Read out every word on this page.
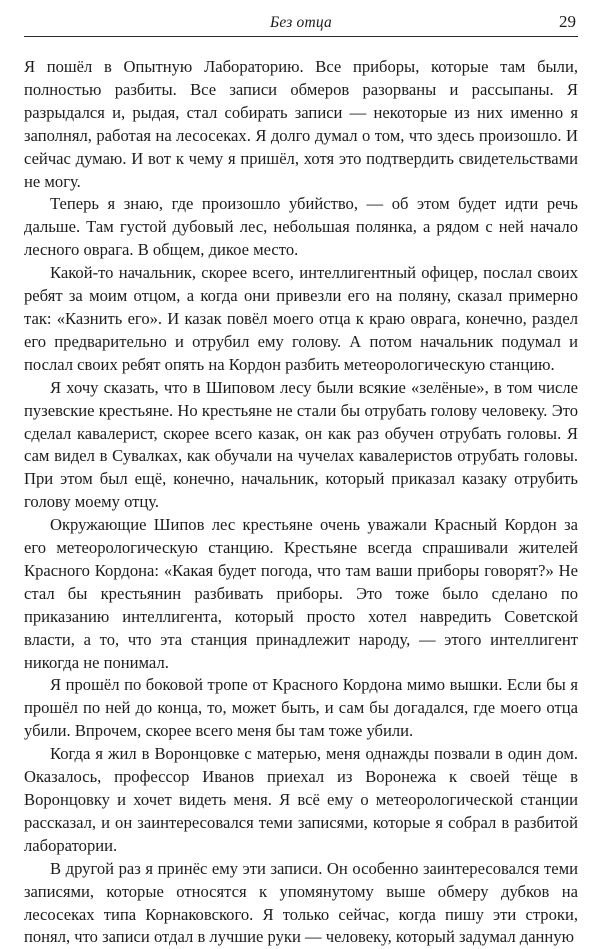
Без отца	29

Я пошёл в Опытную Лабораторию. Все приборы, которые там были, полностью разбиты. Все записи обмеров разорваны и рассыпаны. Я разрыдался и, рыдая, стал собирать записи — некоторые из них именно я заполнял, работая на лесосеках. Я долго думал о том, что здесь произошло. И сейчас думаю. И вот к чему я пришёл, хотя это подтвердить свидетельствами не могу.

Теперь я знаю, где произошло убийство, — об этом будет идти речь дальше. Там густой дубовый лес, небольшая полянка, а рядом с ней начало лесного оврага. В общем, дикое место.

Какой-то начальник, скорее всего, интеллигентный офицер, послал своих ребят за моим отцом, а когда они привезли его на поляну, сказал примерно так: «Казнить его». И казак повёл моего отца к краю оврага, конечно, раздел его предварительно и отрубил ему голову. А потом начальник подумал и послал своих ребят опять на Кордон разбить метеорологическую станцию.

Я хочу сказать, что в Шиповом лесу были всякие «зелёные», в том числе пузевские крестьяне. Но крестьяне не стали бы отрубать голову человеку. Это сделал кавалерист, скорее всего казак, он как раз обучен отрубать головы. Я сам видел в Сувалках, как обучали на чучелах кавалеристов отрубать головы. При этом был ещё, конечно, начальник, который приказал казаку отрубить голову моему отцу.

Окружающие Шипов лес крестьяне очень уважали Красный Кордон за его метеорологическую станцию. Крестьяне всегда спрашивали жителей Красного Кордона: «Какая будет погода, что там ваши приборы говорят?» Не стал бы крестьянин разбивать приборы. Это тоже было сделано по приказанию интеллигента, который просто хотел навредить Советской власти, а то, что эта станция принадлежит народу, — этого интеллигент никогда не понимал.

Я прошёл по боковой тропе от Красного Кордона мимо вышки. Если бы я прошёл по ней до конца, то, может быть, и сам бы догадался, где моего отца убили. Впрочем, скорее всего меня бы там тоже убили.

Когда я жил в Воронцовке с матерью, меня однажды позвали в один дом. Оказалось, профессор Иванов приехал из Воронежа к своей тёще в Воронцовку и хочет видеть меня. Я всё ему о метеорологической станции рассказал, и он заинтересовался теми записями, которые я собрал в разбитой лаборатории.

В другой раз я принёс ему эти записи. Он особенно заинтересовался теми записями, которые относятся к упомянутому выше обмеру дубков на лесосеках типа Корнаковского. Я только сейчас, когда пишу эти строки, понял, что записи отдал в лучшие руки — человеку, который задумал данную
